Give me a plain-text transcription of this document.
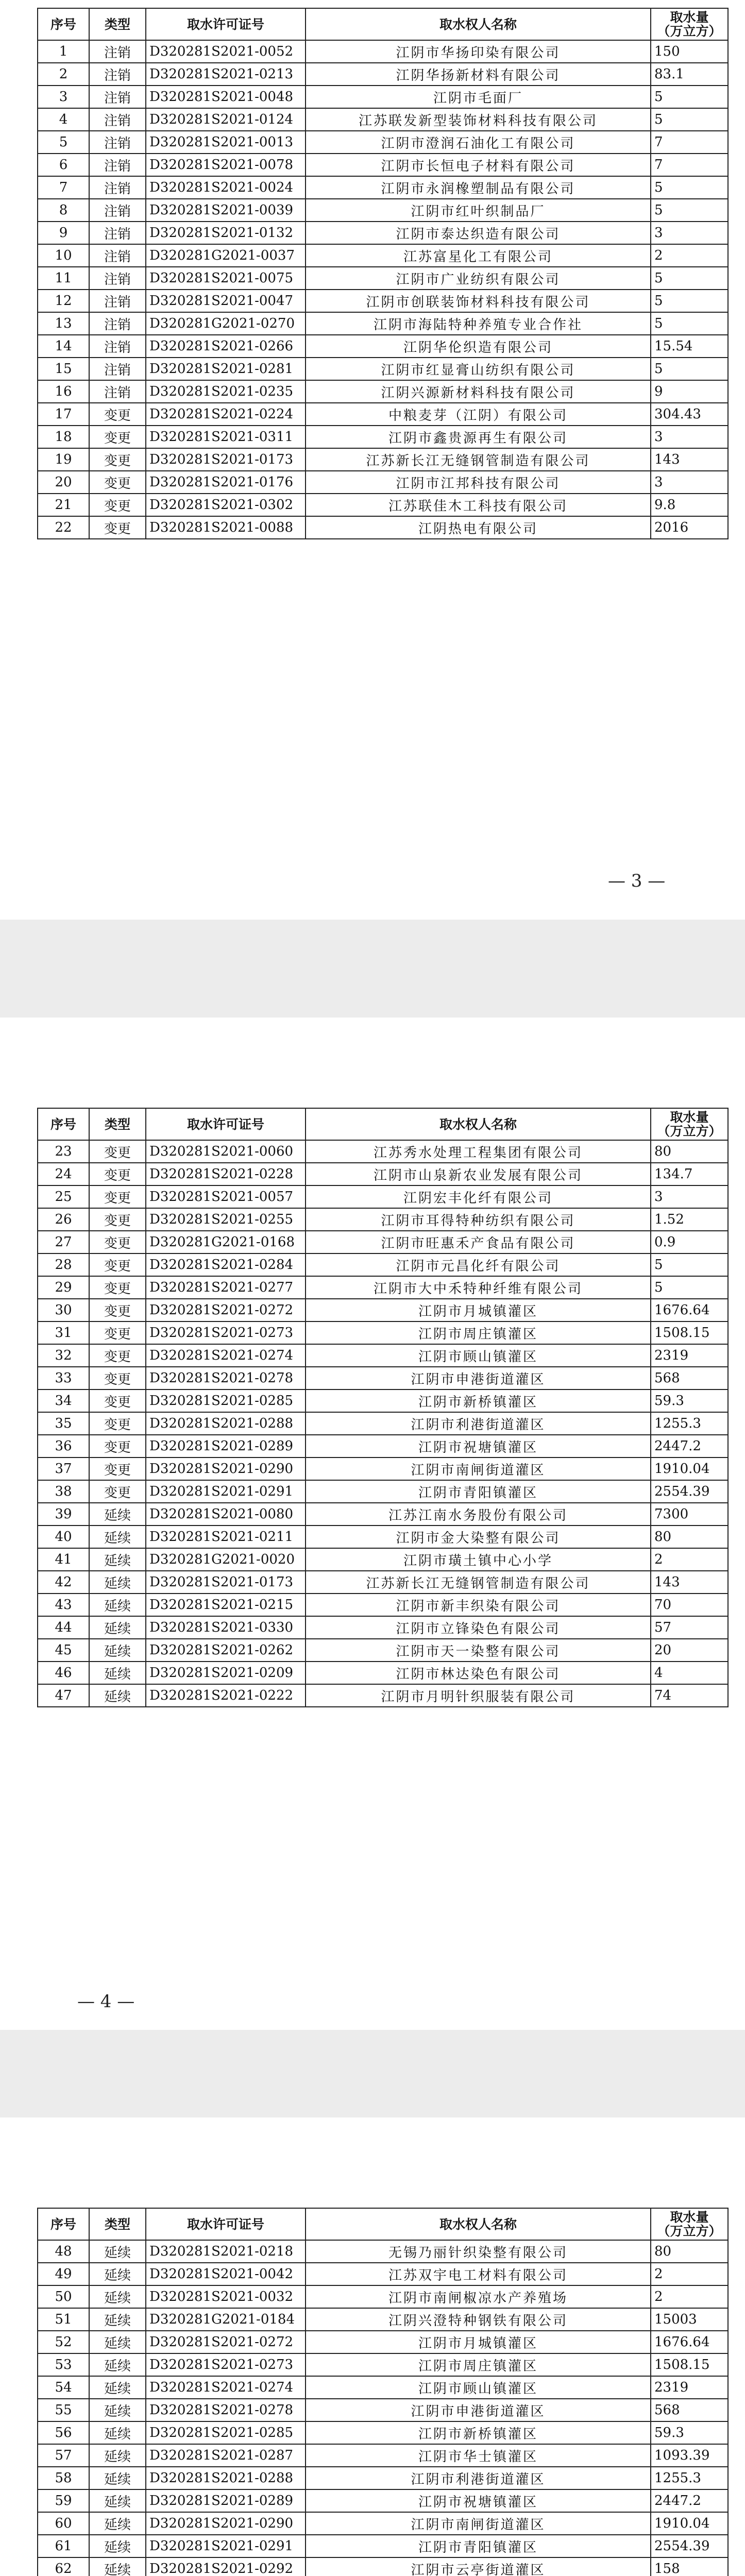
序号	类型	取水许可证号	取水权人名称	取水量
（万立方）

1	注销	D320281S2021-0052	江阴市华扬印染有限公司	150
2	注销	D320281S2021-0213	江阴华扬新材料有限公司	83.1
3	注销	D320281S2021-0048	江阴市毛面厂	5
4	注销	D320281S2021-0124	江苏联发新型装饰材料科技有限公司	5
5	注销	D320281S2021-0013	江阴市澄润石油化工有限公司	7
6	注销	D320281S2021-0078	江阴市长恒电子材料有限公司	7
7	注销	D320281S2021-0024	江阴市永润橡塑制品有限公司	5
8	注销	D320281S2021-0039	江阴市红叶织制品厂	5
9	注销	D320281S2021-0132	江阴市泰达织造有限公司	3
10	注销	D320281G2021-0037	江苏富星化工有限公司	2
11	注销	D320281S2021-0075	江阴市广业纺织有限公司	5
12	注销	D320281S2021-0047	江阴市创联装饰材料科技有限公司	5
13	注销	D320281G2021-0270	江阴市海陆特种养殖专业合作社	5
14	注销	D320281S2021-0266	江阴华伦织造有限公司	15.54
15	注销	D320281S2021-0281	江阴市红显膏山纺织有限公司	5
16	注销	D320281S2021-0235	江阴兴源新材料科技有限公司	9
17	变更	D320281S2021-0224	中粮麦芽（江阴）有限公司	304.43
18	变更	D320281S2021-0311	江阴市鑫贵源再生有限公司	3
19	变更	D320281S2021-0173	江苏新长江无缝钢管制造有限公司	143
20	变更	D320281S2021-0176	江阴市江邦科技有限公司	3
21	变更	D320281S2021-0302	江苏联佳木工科技有限公司	9.8
22	变更	D320281S2021-0088	江阴热电有限公司	2016
— 3 —
序号	类型	取水许可证号	取水权人名称	取水量
（万立方）

23	变更	D320281S2021-0060	江苏秀水处理工程集团有限公司	80
24	变更	D320281S2021-0228	江阴市山泉新农业发展有限公司	134.7
25	变更	D320281S2021-0057	江阴宏丰化纤有限公司	3
26	变更	D320281S2021-0255	江阴市耳得特种纺织有限公司	1.52
27	变更	D320281G2021-0168	江阴市旺惠禾产食品有限公司	0.9
28	变更	D320281S2021-0284	江阴市元昌化纤有限公司	5
29	变更	D320281S2021-0277	江阴市大中禾特种纤维有限公司	5
30	变更	D320281S2021-0272	江阴市月城镇灌区	1676.64
31	变更	D320281S2021-0273	江阴市周庄镇灌区	1508.15
32	变更	D320281S2021-0274	江阴市顾山镇灌区	2319
33	变更	D320281S2021-0278	江阴市申港街道灌区	568
34	变更	D320281S2021-0285	江阴市新桥镇灌区	59.3
35	变更	D320281S2021-0288	江阴市利港街道灌区	1255.3
36	变更	D320281S2021-0289	江阴市祝塘镇灌区	2447.2
37	变更	D320281S2021-0290	江阴市南闸街道灌区	1910.04
38	变更	D320281S2021-0291	江阴市青阳镇灌区	2554.39
39	延续	D320281S2021-0080	江苏江南水务股份有限公司	7300
40	延续	D320281S2021-0211	江阴市金大染整有限公司	80
41	延续	D320281G2021-0020	江阴市璜土镇中心小学	2
42	延续	D320281S2021-0173	江苏新长江无缝钢管制造有限公司	143
43	延续	D320281S2021-0215	江阴市新丰织染有限公司	70
44	延续	D320281S2021-0330	江阴市立锋染色有限公司	57
45	延续	D320281S2021-0262	江阴市天一染整有限公司	20
46	延续	D320281S2021-0209	江阴市林达染色有限公司	4
47	延续	D320281S2021-0222	江阴市月明针织服装有限公司	74
— 4 —
序号	类型	取水许可证号	取水权人名称	取水量
（万立方）

48	延续	D320281S2021-0218	无锡乃丽针织染整有限公司	80
49	延续	D320281S2021-0042	江苏双宇电工材料有限公司	2
50	延续	D320281S2021-0032	江阴市南闸椒凉水产养殖场	2
51	延续	D320281G2021-0184	江阴兴澄特种钢铁有限公司	15003
52	延续	D320281S2021-0272	江阴市月城镇灌区	1676.64
53	延续	D320281S2021-0273	江阴市周庄镇灌区	1508.15
54	延续	D320281S2021-0274	江阴市顾山镇灌区	2319
55	延续	D320281S2021-0278	江阴市申港街道灌区	568
56	延续	D320281S2021-0285	江阴市新桥镇灌区	59.3
57	延续	D320281S2021-0287	江阴市华士镇灌区	1093.39
58	延续	D320281S2021-0288	江阴市利港街道灌区	1255.3
59	延续	D320281S2021-0289	江阴市祝塘镇灌区	2447.2
60	延续	D320281S2021-0290	江阴市南闸街道灌区	1910.04
61	延续	D320281S2021-0291	江阴市青阳镇灌区	2554.39
62	延续	D320281S2021-0292	江阴市云亭街道灌区	158
